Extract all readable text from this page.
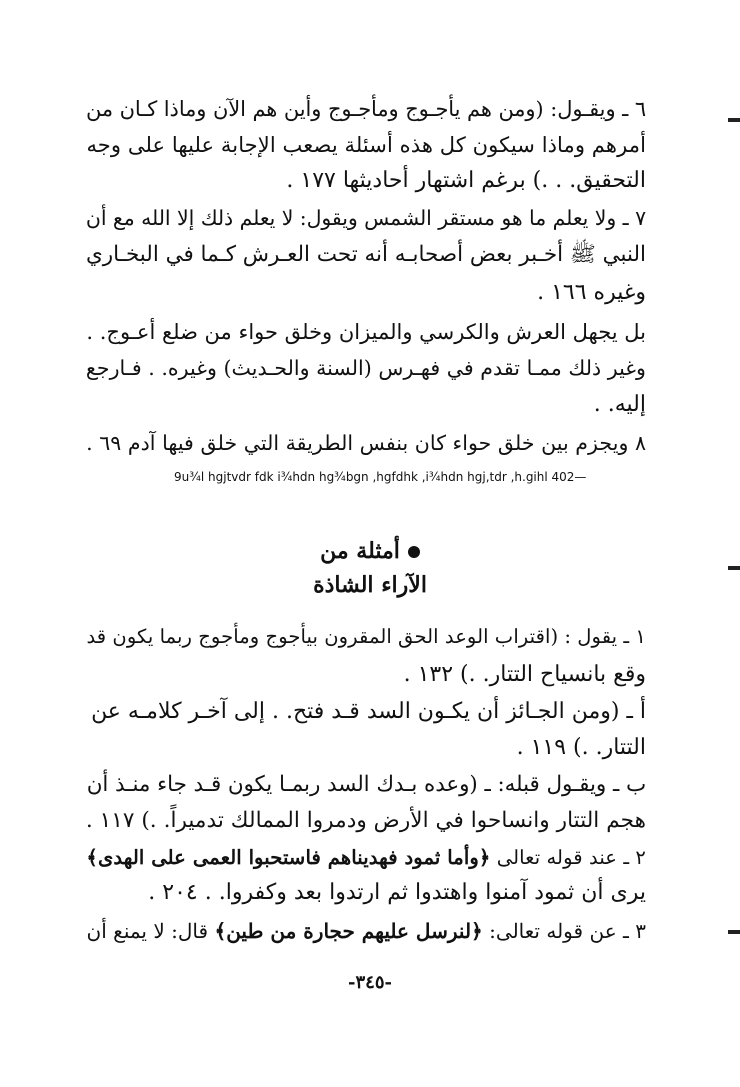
٦ ـ ويقـول: (ومن هم يأجـوج ومأجـوج وأين هم الآن وماذا كـان من
أمرهم وماذا سيكون كل هذه أسئلة يصعب الإجابة عليها على وجه
التحقيق. . .) برغم اشتهار أحاديثها ١٧٧ .
٧ ـ ولا يعلم ما هو مستقر الشمس ويقول: لا يعلم ذلك إلا الله مع أن
النبي ﷺ أخـبر بعض أصحابـه أنه تحت العـرش كـما في البخـاري
وغيره ١٦٦ .
بل يجهل العرش والكرسي والميزان وخلق حواء من ضلع أعـوج. .
وغير ذلك ممـا تقدم في فهـرس (السنة والحـديث) وغيره. . فـارجع
إليه. .
٨ ويجزم بين خلق حواء كان بنفس الطريقة التي خلق فيها آدم ٦٩ .
9u¾l hgjtvdr fdk i¾hdn hg¾bgn ,hgfdhk ,i¾hdn hgj,tdr ,h.gihl 402—
أمثلة من
الآراء الشاذة
١ ـ يقول : (اقتراب الوعد الحق المقرون بيأجوج ومأجوج ربما يكون قد
وقع بانسياح التتار. .) ١٣٢ .
أ ـ (ومن الجـائز أن يكـون السد قـد فتح. . إلى آخـر كلامـه عن
التتار. .) ١١٩ .
ب ـ ويقـول قبله: ـ (وعده بـدك السد ربمـا يكون قـد جاء منـذ أن
هجم التتار وانساحوا في الأرض ودمروا الممالك تدميراً. .) ١١٧ .
٢ ـ عند قوله تعالى ﴿وأما ثمود فهديناهم فاستحبوا العمى على الهدى﴾
يرى أن ثمود آمنوا واهتدوا ثم ارتدوا بعد وكفروا. . ٢٠٤ .
٣ ـ عن قوله تعالى: ﴿لنرسل عليهم حجارة من طين﴾ قال: لا يمنع أن
-٣٤٥-
